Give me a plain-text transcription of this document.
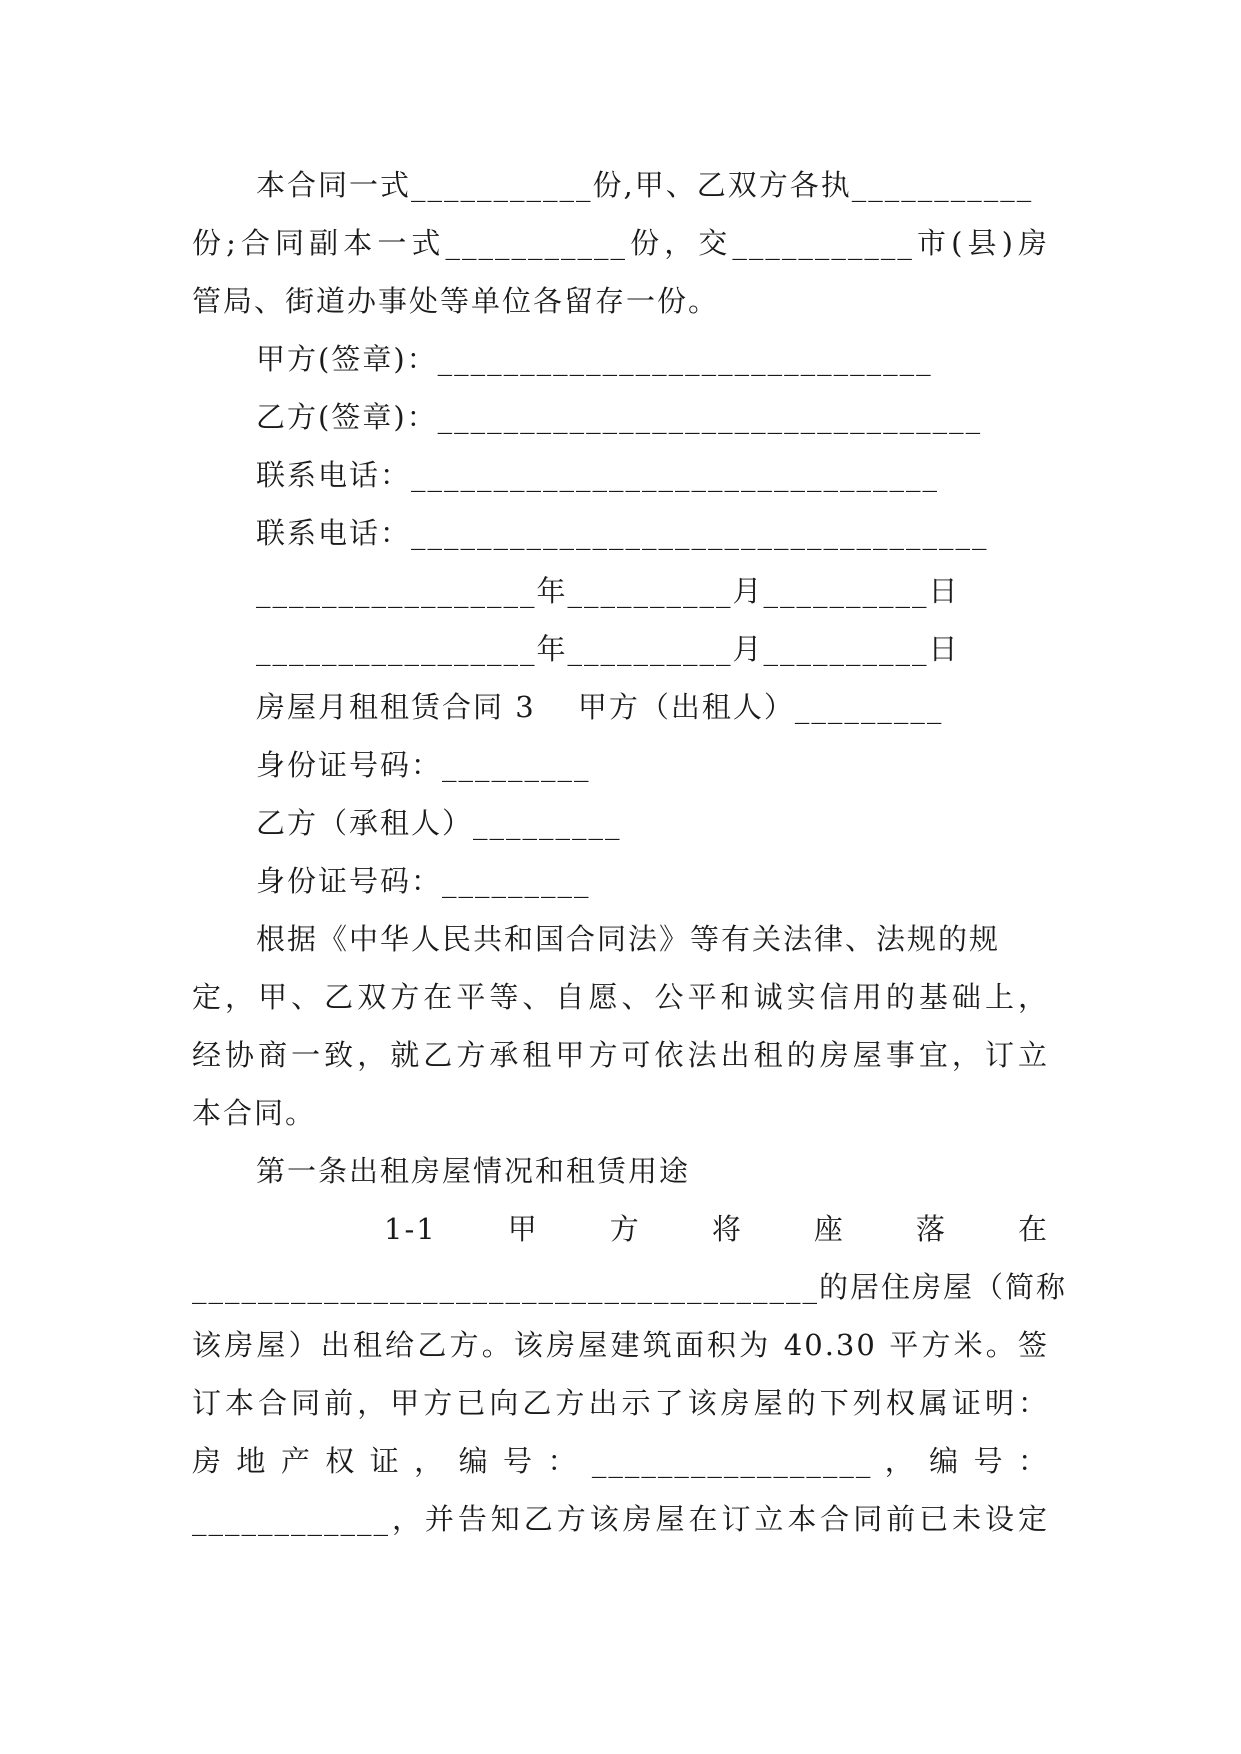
本合同一式___________份,甲、乙双方各执___________
份;合同副本一式___________份，交___________市(县)房
管局、街道办事处等单位各留存一份。
甲方(签章)：______________________________
乙方(签章)：_________________________________
联系电话：________________________________
联系电话：___________________________________
_________________年__________月__________日
_________________年__________月__________日
房屋月租租赁合同 3　 甲方（出租人）_________
身份证号码：_________
乙方（承租人）_________
身份证号码：_________
根据《中华人民共和国合同法》等有关法律、法规的规
定，甲、乙双方在平等、自愿、公平和诚实信用的基础上，
经协商一致，就乙方承租甲方可依法出租的房屋事宜，订立
本合同。
第一条出租房屋情况和租赁用途
1-1　甲　方　将　座　落　在
______________________________________的居住房屋（简称
该房屋）出租给乙方。该房屋建筑面积为 40.30 平方米。签
订本合同前，甲方已向乙方出示了该房屋的下列权属证明：
房 地 产 权 证 ， 编 号 ： _________________ ， 编 号 ：
____________，并告知乙方该房屋在订立本合同前已未设定
